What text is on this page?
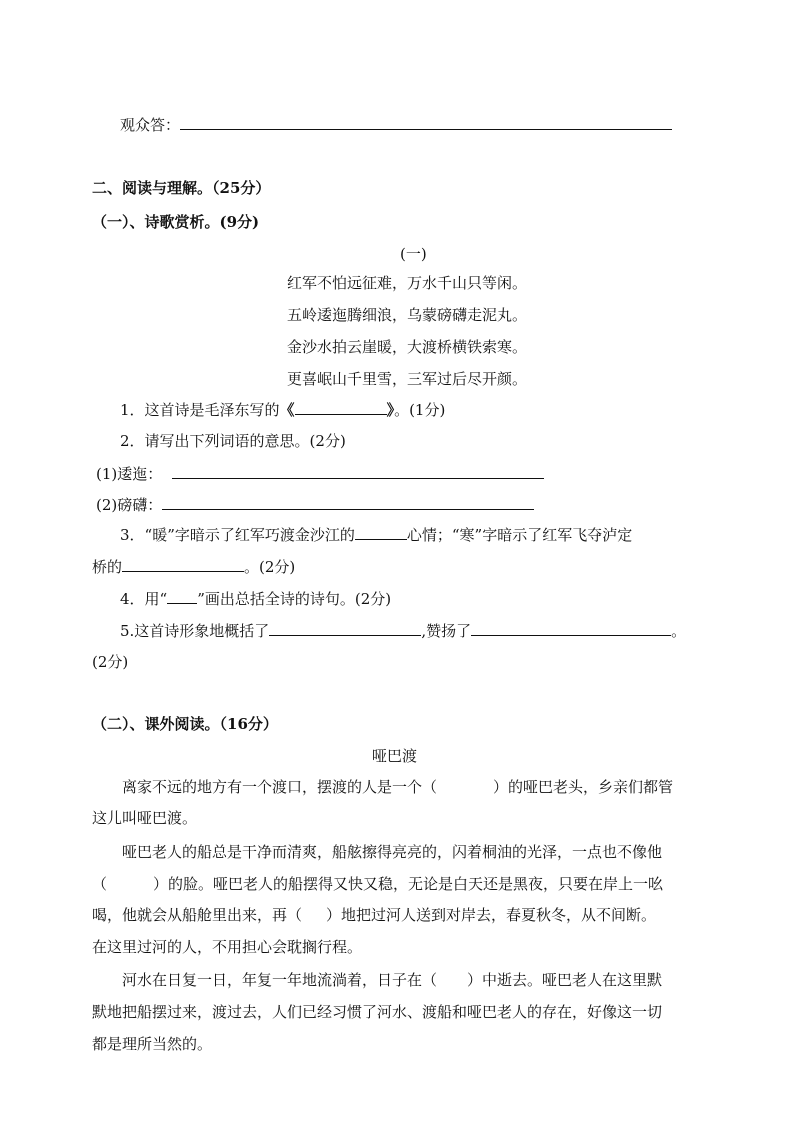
观众答：
二、阅读与理解。（25分）
（一）、诗歌赏析。(9分)
(一)
红军不怕远征难，万水千山只等闲。
五岭逶迤腾细浪，乌蒙磅礴走泥丸。
金沙水拍云崖暖，大渡桥横铁索寒。
更喜岷山千里雪，三军过后尽开颜。
1．这首诗是毛泽东写的《	》。(1分)
2．请写出下列词语的意思。(2分)
(1)逶迤：
(2)磅礴：
3．“暖”字暗示了红军巧渡金沙江的	心情；“寒”字暗示了红军飞夺泸定
桥的	。(2分)
4．用“ ”画出总括全诗的诗句。(2分)
5.这首诗形象地概括了	,赞扬了	。
(2分)
（二）、课外阅读。（16分）
哑巴渡
离家不远的地方有一个渡口，摆渡的人是一个（	）的哑巴老头，乡亲们都管
这儿叫哑巴渡。
哑巴老人的船总是干净而清爽，船舷擦得亮亮的，闪着桐油的光泽，一点也不像他
（	）的脸。哑巴老人的船摆得又快又稳，无论是白天还是黑夜，只要在岸上一吆
喝，他就会从船舱里出来，再（ ）地把过河人送到对岸去，春夏秋冬，从不间断。
在这里过河的人，不用担心会耽搁行程。
河水在日复一日，年复一年地流淌着，日子在（ ）中逝去。哑巴老人在这里默
默地把船摆过来，渡过去，人们已经习惯了河水、渡船和哑巴老人的存在，好像这一切
都是理所当然的。
